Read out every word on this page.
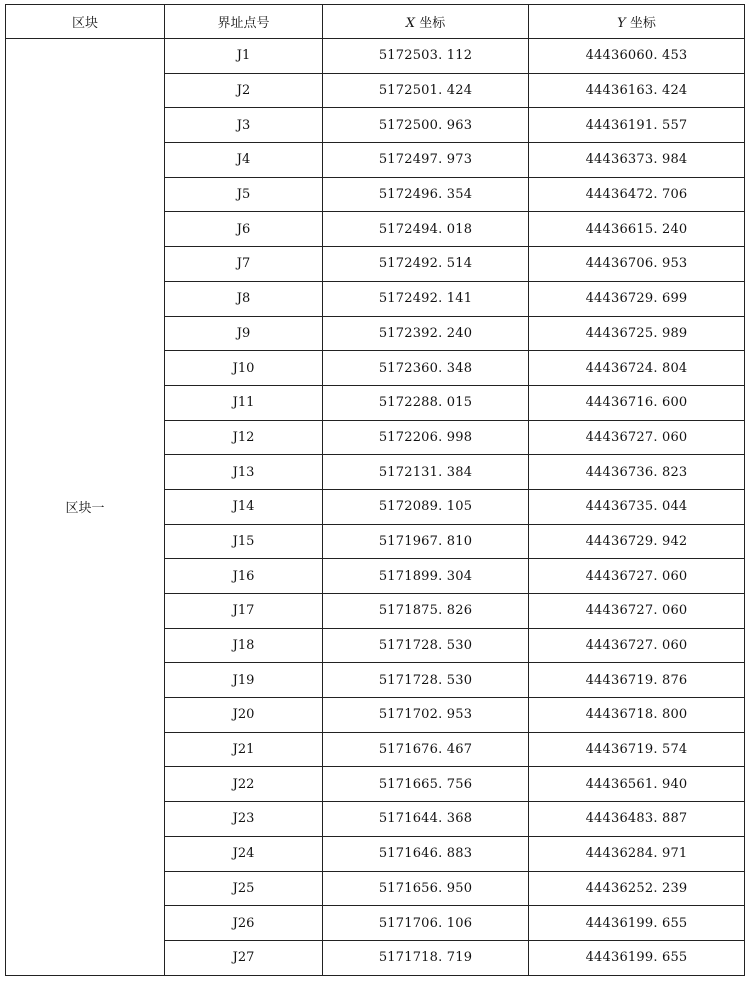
区块	界址点号	X 坐标	Y 坐标
区块一	J1	5172503. 112	44436060. 453
	J2	5172501. 424	44436163. 424
	J3	5172500. 963	44436191. 557
	J4	5172497. 973	44436373. 984
	J5	5172496. 354	44436472. 706
	J6	5172494. 018	44436615. 240
	J7	5172492. 514	44436706. 953
	J8	5172492. 141	44436729. 699
	J9	5172392. 240	44436725. 989
	J10	5172360. 348	44436724. 804
	J11	5172288. 015	44436716. 600
	J12	5172206. 998	44436727. 060
	J13	5172131. 384	44436736. 823
	J14	5172089. 105	44436735. 044
	J15	5171967. 810	44436729. 942
	J16	5171899. 304	44436727. 060
	J17	5171875. 826	44436727. 060
	J18	5171728. 530	44436727. 060
	J19	5171728. 530	44436719. 876
	J20	5171702. 953	44436718. 800
	J21	5171676. 467	44436719. 574
	J22	5171665. 756	44436561. 940
	J23	5171644. 368	44436483. 887
	J24	5171646. 883	44436284. 971
	J25	5171656. 950	44436252. 239
	J26	5171706. 106	44436199. 655
	J27	5171718. 719	44436199. 655
